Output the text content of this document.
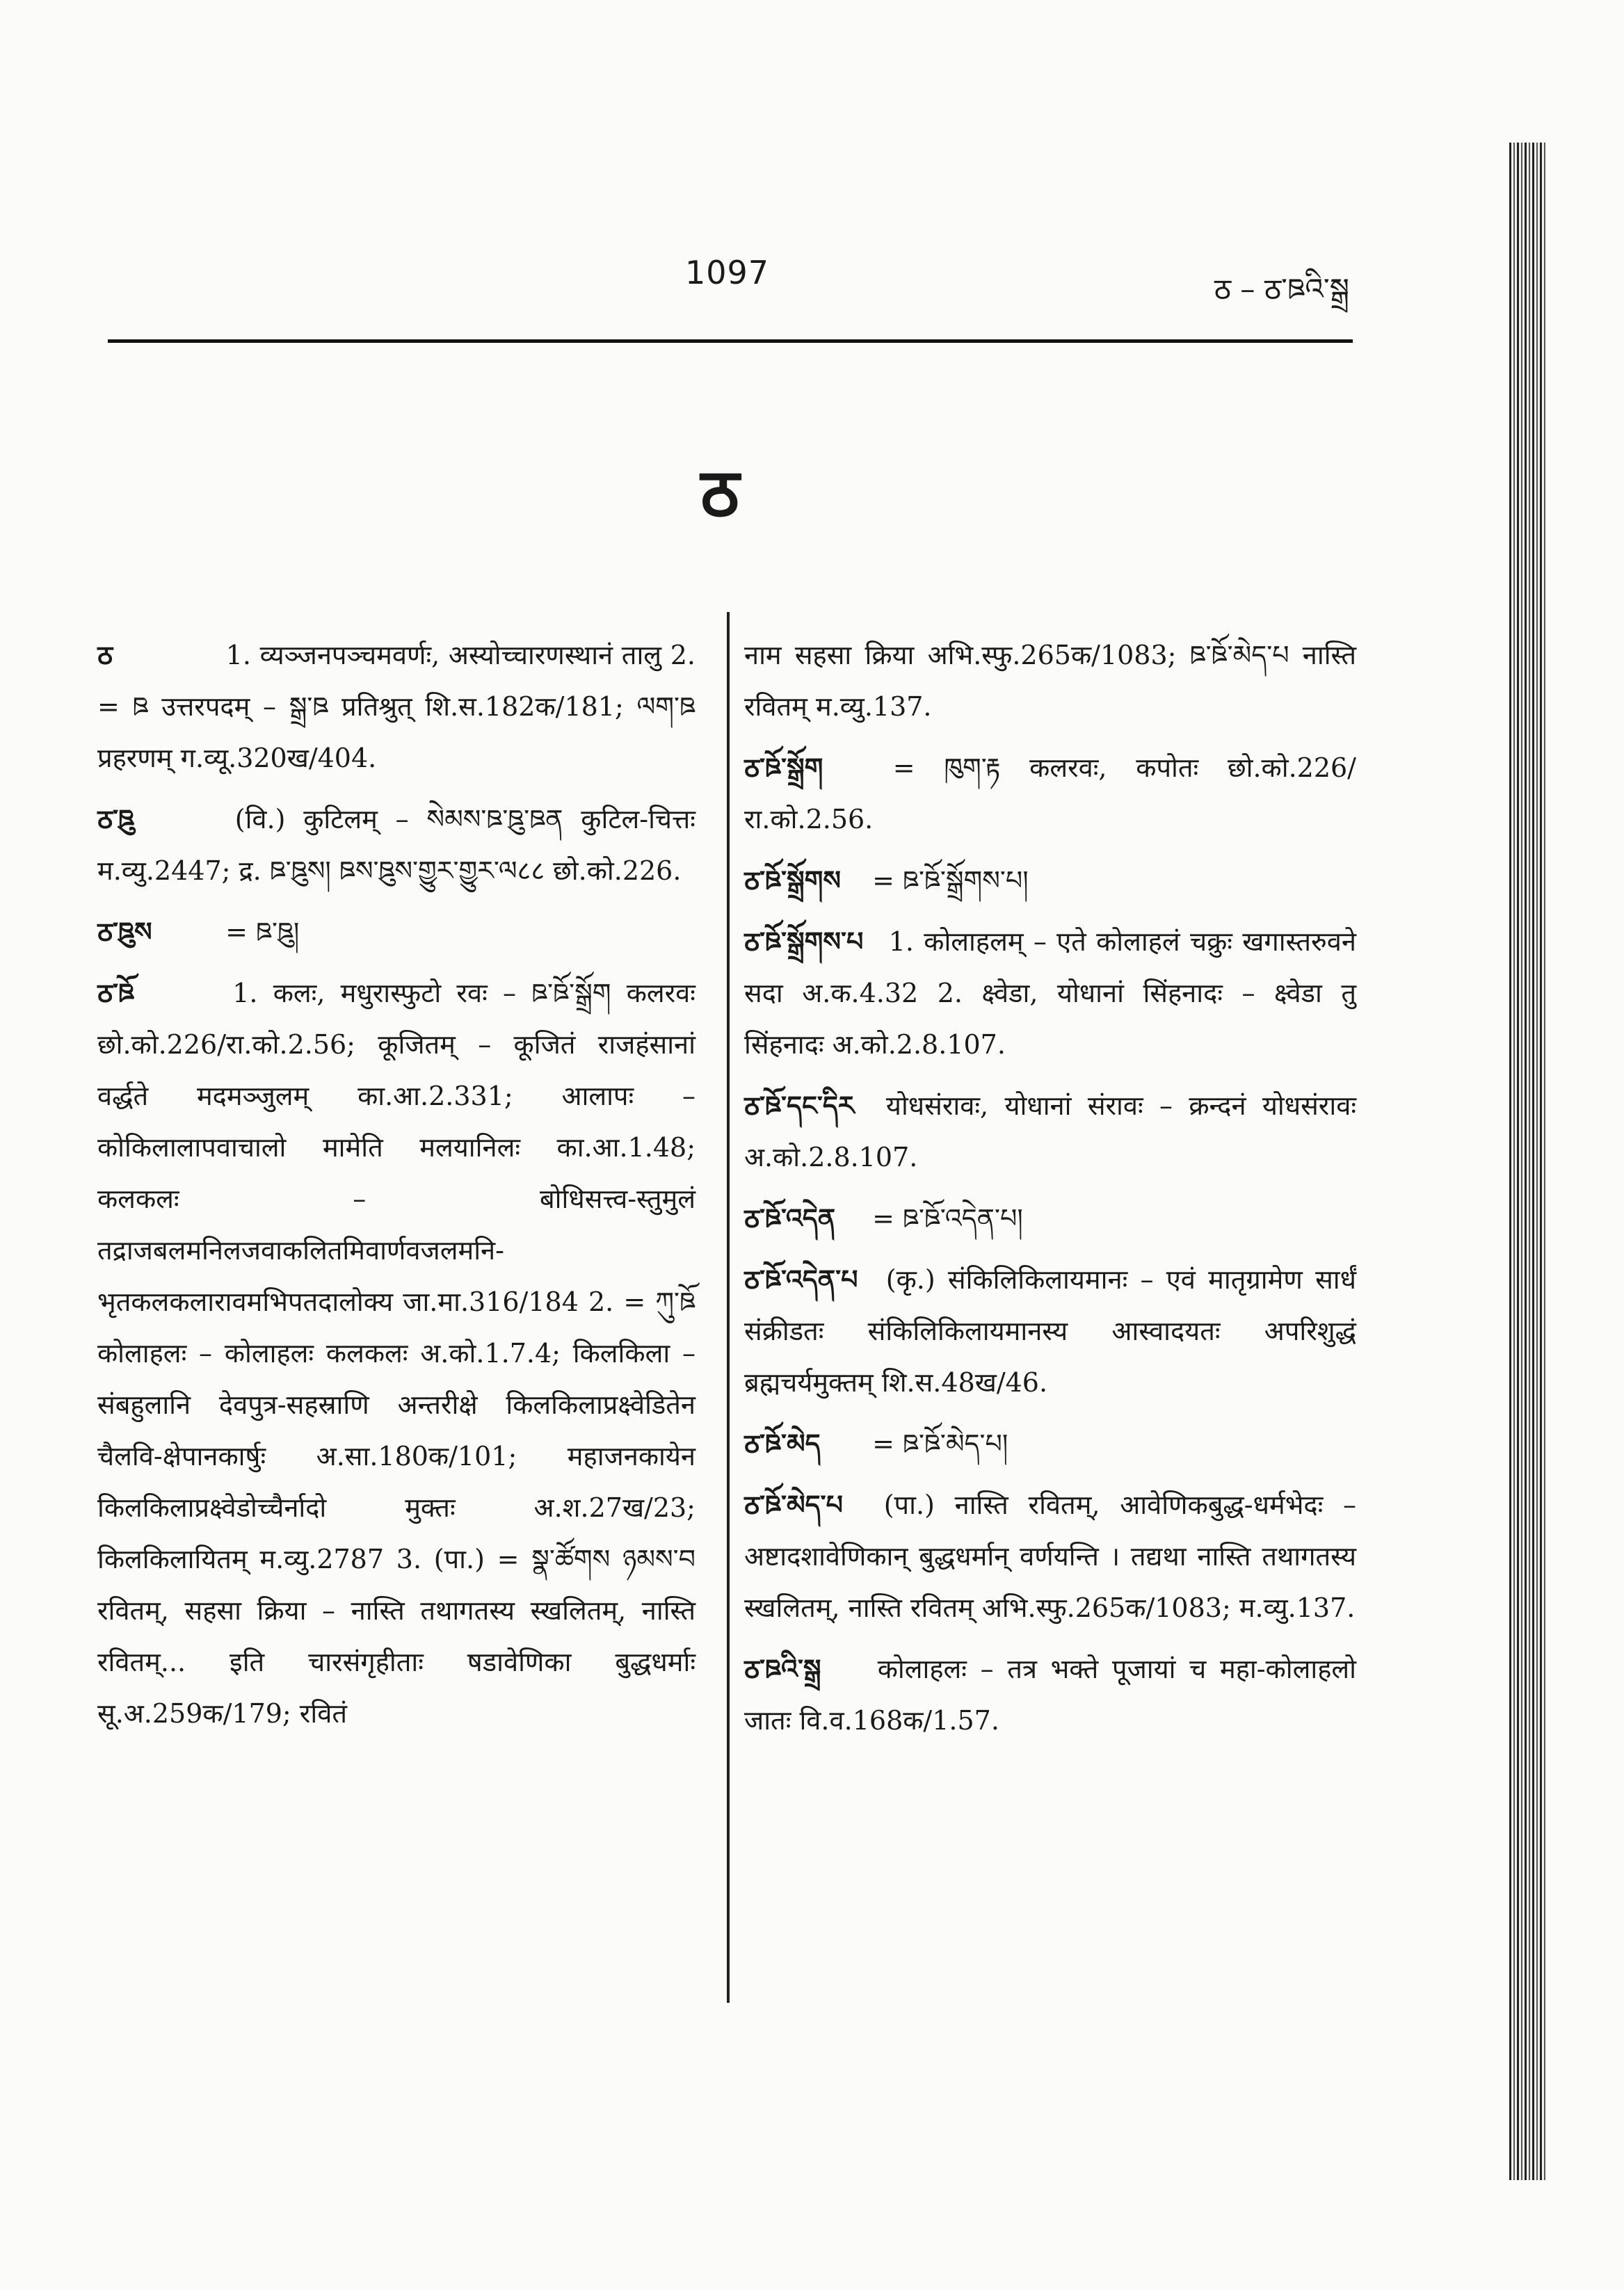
1097	ठ – ठ་ཋའི་སྒྲ
ठ
ठ	1. व्यञ्जनपञ्चमवर्णः, अस्योच्चारणस्थानं तालु 2. = ཋ उत्तरपदम् – སྒྲ་ཋ प्रतिश्रुत् शि.स.182क/181; ལག་ཋ प्रहरणम् ग.व्यू.320ख/404.
ठ་ཋུ	(वि.) कुटिलम् – སེམས་ཋ་ཋུ་ཋན कुटिल-चित्तः म.व्यु.2447; द्र. ཋ་ཋུས། ཋས་ཋུས་གྱུར་གྱུར་ལ८८ छो.को.226.
ठ་ཋུས	= ཋ་ཋུ།
ठ་ཋོ	1. कलः, मधुरास्फुटो रवः – ཋ་ཋོ་སྒྲོག कलरवः छो.को.226/रा.को.2.56; कूजितम् – कूजितं राजहंसानां वर्द्धते मदमञ्जुलम् का.आ.2.331; आलापः – कोकिलालापवाचालो मामेति मलयानिलः का.आ.1.48; कलकलः – बोधिसत्त्व-स्तुमुलं तद्राजबलमनिलजवाकलितमिवार्णवजलमनि-भृतकलकलारावमभिपतदालोक्य जा.मा.316/184 2. = ཀུ་ཋོ कोलाहलः – कोलाहलः कलकलः अ.को.1.7.4; किलकिला – संबहुलानि देवपुत्र-सहस्राणि अन्तरीक्षे किलकिलाप्रक्ष्वेडितेन चैलवि-क्षेपानकार्षुः अ.सा.180क/101; महाजनकायेन किलकिलाप्रक्ष्वेडोच्चैर्नादो मुक्तः अ.श.27ख/23; किलकिलायितम् म.व्यु.2787 3. (पा.) = སྣ་ཚོགས ཉམས་བ रवितम्, सहसा क्रिया – नास्ति तथागतस्य स्खलितम्, नास्ति रवितम्... इति चारसंगृहीताः षडावेणिका बुद्धधर्माः सू.अ.259क/179; रवितं
नाम सहसा क्रिया अभि.स्फु.265क/1083; ཋ་ཋོ་མེད་པ नास्ति रवितम् म.व्यु.137.
ठ་ཋོ་སྒྲོག	= ཁུག་རྟ कलरवः, कपोतः छो.को.226/रा.को.2.56.
ठ་ཋོ་སྒྲོགས = ཋ་ཋོ་སྒྲོགས་པ།
ठ་ཋོ་སྒྲོགས་པ 1. कोलाहलम् – एते कोलाहलं चक्रुः खगास्तरुवने सदा अ.क.4.32 2. क्ष्वेडा, योधानां सिंहनादः – क्ष्वेडा तु सिंहनादः अ.को.2.8.107.
ठ་ཋོ་དང་དིར योधसंरावः, योधानां संरावः – क्रन्दनं योधसंरावः अ.को.2.8.107.
ठ་ཋོ་འདེན = ཋ་ཋོ་འདེན་པ།
ठ་ཋོ་འདེན་པ (कृ.) संकिलिकिलायमानः – एवं मातृग्रामेण सार्धं संक्रीडतः संकिलिकिलायमानस्य आस्वादयतः अपरिशुद्धं ब्रह्मचर्यमुक्तम् शि.स.48ख/46.
ठ་ཋོ་མེད = ཋ་ཋོ་མེད་པ།
ठ་ཋོ་མེད་པ (पा.) नास्ति रवितम्, आवेणिकबुद्ध-धर्मभेदः – अष्टादशावेणिकान् बुद्धधर्मान् वर्णयन्ति । तद्यथा नास्ति तथागतस्य स्खलितम्, नास्ति रवितम् अभि.स्फु.265क/1083; म.व्यु.137.
ठ་ཋའི་སྒྲ कोलाहलः – तत्र भक्ते पूजायां च महा-कोलाहलो जातः वि.व.168क/1.57.
